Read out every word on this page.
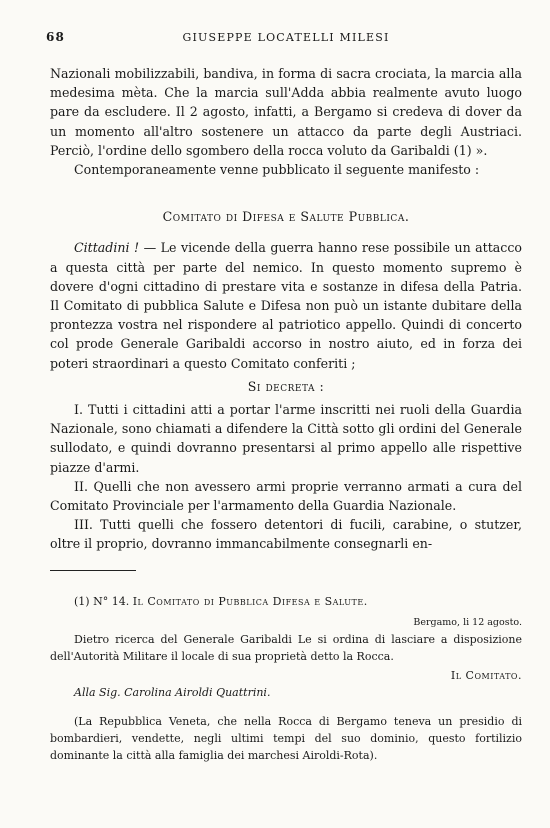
68	GIUSEPPE LOCATELLI MILESI

Nazionali mobilizzabili, bandiva, in forma di sacra crociata, la marcia alla medesima mèta. Che la marcia sull'Adda abbia realmente avuto luogo pare da escludere. Il 2 agosto, infatti, a Bergamo si credeva di dover da un momento all'altro sostenere un attacco da parte degli Austriaci. Perciò, l'ordine dello sgombero della rocca voluto da Garibaldi (1) ».

Contemporaneamente venne pubblicato il seguente manifesto :

Comitato di Difesa e Salute Pubblica.

Cittadini ! — Le vicende della guerra hanno rese possibile un attacco a questa città per parte del nemico. In questo momento supremo è dovere d'ogni cittadino di prestare vita e sostanze in difesa della Patria. Il Comitato di pubblica Salute e Difesa non può un istante dubitare della prontezza vostra nel rispondere al patriotico appello. Quindi di concerto col prode Generale Garibaldi accorso in nostro aiuto, ed in forza dei poteri straordinari a questo Comitato conferiti ;

Si decreta :

I. Tutti i cittadini atti a portar l'arme inscritti nei ruoli della Guardia Nazionale, sono chiamati a difendere la Città sotto gli ordini del Generale sullodato, e quindi dovranno presentarsi al primo appello alle rispettive piazze d'armi.

II. Quelli che non avessero armi proprie verranno armati a cura del Comitato Provinciale per l'armamento della Guardia Nazionale.

III. Tutti quelli che fossero detentori di fucili, carabine, o stutzer, oltre il proprio, dovranno immancabilmente consegnarli en-

(1) N° 14. Il Comitato di Pubblica Difesa e Salute.

Bergamo, li 12 agosto.

Dietro ricerca del Generale Garibaldi Le si ordina di lasciare a disposizione dell'Autorità Militare il locale di sua proprietà detto la Rocca.

Il Comitato.

Alla Sig. Carolina Airoldi Quattrini.

(La Repubblica Veneta, che nella Rocca di Bergamo teneva un presidio di bombardieri, vendette, negli ultimi tempi del suo dominio, questo fortilizio dominante la città alla famiglia dei marchesi Airoldi-Rota).
